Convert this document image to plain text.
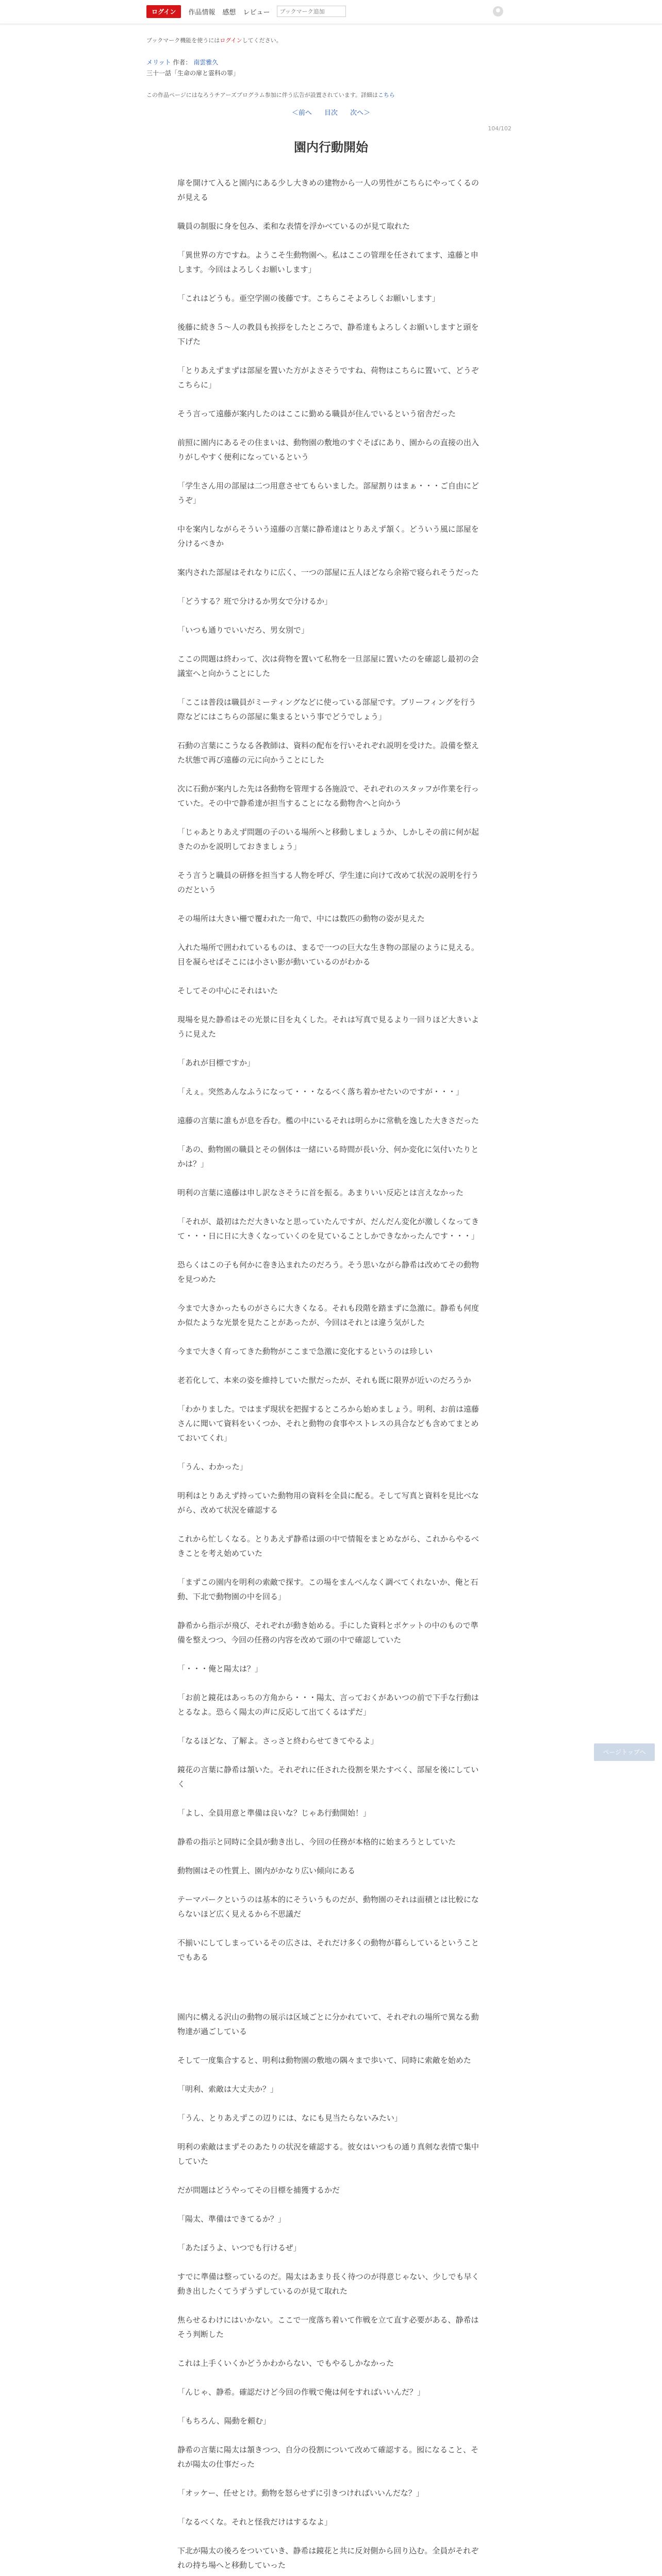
ログイン	作品情報 感想 レビュー
ブックマーク追加
ブックマーク機能を使うにはログインしてください。
メリット 作者： 南雲雅久
三十一話「生命の扉と霊科の罪」
この作品ページにはなろうチアーズプログラム参加に伴う広告が設置されています。詳細はこちら
＜前へ 目次 次へ＞
104/102
園内行動開始

扉を開けて入ると園内にある少し大きめの建物から一人の男性がこちらにやってくるのが見える

職員の制服に身を包み、柔和な表情を浮かべているのが見て取れた

「異世界の方ですね。ようこそ生動物園へ。私はここの管理を任されてます、遠藤と申します。今回はよろしくお願いします」

「これはどうも。亜空学園の後藤です。こちらこそよろしくお願いします」

後藤に続き５～人の教員も挨拶をしたところで、静希達もよろしくお願いしますと頭を下げた

「とりあえずまずは部屋を置いた方がよさそうですね、荷物はこちらに置いて、どうぞこちらに」

そう言って遠藤が案内したのはここに勤める職員が住んでいるという宿舎だった

前照に園内にあるその住まいは、動物園の敷地のすぐそばにあり、園からの直接の出入りがしやすく便利になっているという

「学生さん用の部屋は二つ用意させてもらいました。部屋割りはまぁ・・・ご自由にどうぞ」

中を案内しながらそういう遠藤の言葉に静希達はとりあえず頷く。どういう風に部屋を分けるべきか

案内された部屋はそれなりに広く、一つの部屋に五人ほどなら余裕で寝られそうだった

「どうする？班で分けるか男女で分けるか」

「いつも通りでいいだろ、男女別で」

ここの問題は終わって、次は荷物を置いて私物を一旦部屋に置いたのを確認し最初の会議室へと向かうことにした

「ここは普段は職員がミーティングなどに使っている部屋です。ブリーフィングを行う際などにはこちらの部屋に集まるという事でどうでしょう」

石動の言葉にこうなる各教師は、資料の配布を行いそれぞれ説明を受けた。設備を整えた状態で再び遠藤の元に向かうことにした

次に石動が案内した先は各動物を管理する各施設で、それぞれのスタッフが作業を行っていた。その中で静希達が担当することになる動物舎へと向かう

「じゃあとりあえず問題の子のいる場所へと移動しましょうか、しかしその前に何が起きたのかを説明しておきましょう」

そう言うと職員の研修を担当する人物を呼び、学生達に向けて改めて状況の説明を行うのだという

その場所は大きい柵で覆われた一角で、中には数匹の動物の姿が見えた

入れた場所で囲われているものは、まるで一つの巨大な生き物の部屋のように見える。目を凝らせばそこには小さい影が動いているのがわかる

そしてその中心にそれはいた

現場を見た静希はその光景に目を丸くした。それは写真で見るより一回りほど大きいように見えた

「あれが目標ですか」

「えぇ。突然あんなふうになって・・・なるべく落ち着かせたいのですが・・・」

遠藤の言葉に誰もが息を呑む。檻の中にいるそれは明らかに常軌を逸した大きさだった

「あの、動物園の職員とその個体は一緒にいる時間が長い分、何か変化に気付いたりとかは？」

明利の言葉に遠藤は申し訳なさそうに首を振る。あまりいい反応とは言えなかった

「それが、最初はただ大きいなと思っていたんですが、だんだん変化が激しくなってきて・・・日に日に大きくなっていくのを見ていることしかできなかったんです・・・」

恐らくはこの子も何かに巻き込まれたのだろう。そう思いながら静希は改めてその動物を見つめた

今まで大きかったものがさらに大きくなる。それも段階を踏まずに急激に。静希も何度か似たような光景を見たことがあったが、今回はそれとは違う気がした

今まで大きく育ってきた動物がここまで急激に変化するというのは珍しい

老若化して、本来の姿を維持していた獣だったが、それも既に限界が近いのだろうか

「わかりました。ではまず現状を把握するところから始めましょう。明利、お前は遠藤さんに聞いて資料をいくつか、それと動物の食事やストレスの具合なども含めてまとめておいてくれ」

「うん、わかった」

明利はとりあえず持っていた動物用の資料を全員に配る。そして写真と資料を見比べながら、改めて状況を確認する

これから忙しくなる。とりあえず静希は頭の中で情報をまとめながら、これからやるべきことを考え始めていた

「まずこの園内を明利の索敵で探す。この場をまんべんなく調べてくれないか、俺と石動、下北で動物園の中を回る」

静希から指示が飛び、それぞれが動き始める。手にした資料とポケットの中のもので準備を整えつつ、今回の任務の内容を改めて頭の中で確認していた

「・・・俺と陽太は？」

「お前と鏡花はあっちの方角から・・・陽太、言っておくがあいつの前で下手な行動はとるなよ。恐らく陽太の声に反応して出てくるはずだ」

「なるほどな、了解よ。さっさと終わらせてきてやるよ」

鏡花の言葉に静希は頷いた。それぞれに任された役割を果たすべく、部屋を後にしていく

「よし、全員用意と準備は良いな？じゃあ行動開始！」

静希の指示と同時に全員が動き出し、今回の任務が本格的に始まろうとしていた

動物園はその性質上、園内がかなり広い傾向にある

テーマパークというのは基本的にそういうものだが、動物園のそれは面積とは比較にならないほど広く見えるから不思議だ

不揃いにしてしまっているその広さは、それだけ多くの動物が暮らしているということでもある

園内に構える沢山の動物の展示は区域ごとに分かれていて、それぞれの場所で異なる動物達が過ごしている

そして一度集合すると、明利は動物園の敷地の隅々まで歩いて、同時に索敵を始めた

「明利、索敵は大丈夫か？」

「うん、とりあえずこの辺りには、なにも見当たらないみたい」

明利の索敵はまずそのあたりの状況を確認する。彼女はいつもの通り真剣な表情で集中していた

だが問題はどうやってその目標を捕獲するかだ

「陽太、準備はできてるか？」

「あたぼうよ、いつでも行けるぜ」

すでに準備は整っているのだ。陽太はあまり長く待つのが得意じゃない、少しでも早く動き出したくてうずうずしているのが見て取れた

焦らせるわけにはいかない。ここで一度落ち着いて作戦を立て直す必要がある、静希はそう判断した

これは上手くいくかどうかわからない、でもやるしかなかった

「んじゃ、静希。確認だけど今回の作戦で俺は何をすればいいんだ？」

「もちろん、陽動を頼む」

静希の言葉に陽太は頷きつつ、自分の役割について改めて確認する。囮になること、それが陽太の仕事だった

「オッケー、任せとけ。動物を怒らせずに引きつければいいんだな？」

「なるべくな。それと怪我だけはするなよ」

下北が陽太の後ろをついていき、静希は鏡花と共に反対側から回り込む。全員がそれぞれの持ち場へと移動していった

ページトップへ
